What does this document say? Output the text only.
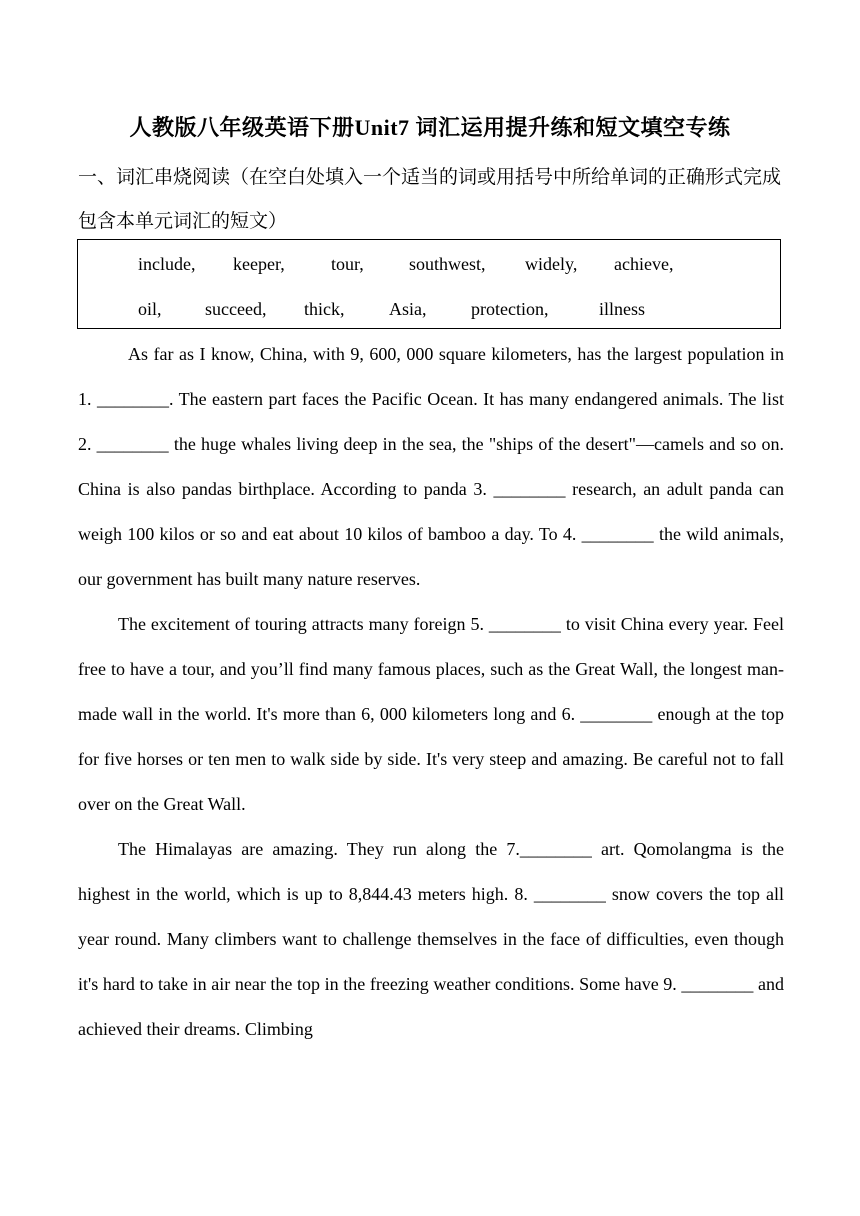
人教版八年级英语下册Unit7 词汇运用提升练和短文填空专练
一、词汇串烧阅读（在空白处填入一个适当的词或用括号中所给单词的正确形式完成包含本单元词汇的短文）
include, keeper,	tour,	southwest, widely, achieve,
oil, succeed, thick, Asia, protection,	illness

As far as I know, China, with 9, 600, 000 square kilometers, has the largest population in 1. ________. The eastern part faces the Pacific Ocean. It has many endangered animals. The list 2. ________ the huge whales living deep in the sea, the "ships of the desert"—camels and so on. China is also pandas birthplace. According to panda 3. ________ research, an adult panda can weigh 100 kilos or so and eat about 10 kilos of bamboo a day. To 4. ________ the wild animals, our government has built many nature reserves.

The excitement of touring attracts many foreign 5. ________ to visit China every year. Feel free to have a tour, and you’ll find many famous places, such as the Great Wall, the longest man-made wall in the world. It's more than 6, 000 kilometers long and 6. ________ enough at the top for five horses or ten men to walk side by side. It's very steep and amazing. Be careful not to fall over on the Great Wall.

The Himalayas are amazing. They run along the 7.________ art. Qomolangma is the highest in the world, which is up to 8,844.43 meters high. 8. ________ snow covers the top all year round. Many climbers want to challenge themselves in the face of difficulties, even though it's hard to take in air near the top in the freezing weather conditions. Some have 9. ________ and achieved their dreams. Climbing
